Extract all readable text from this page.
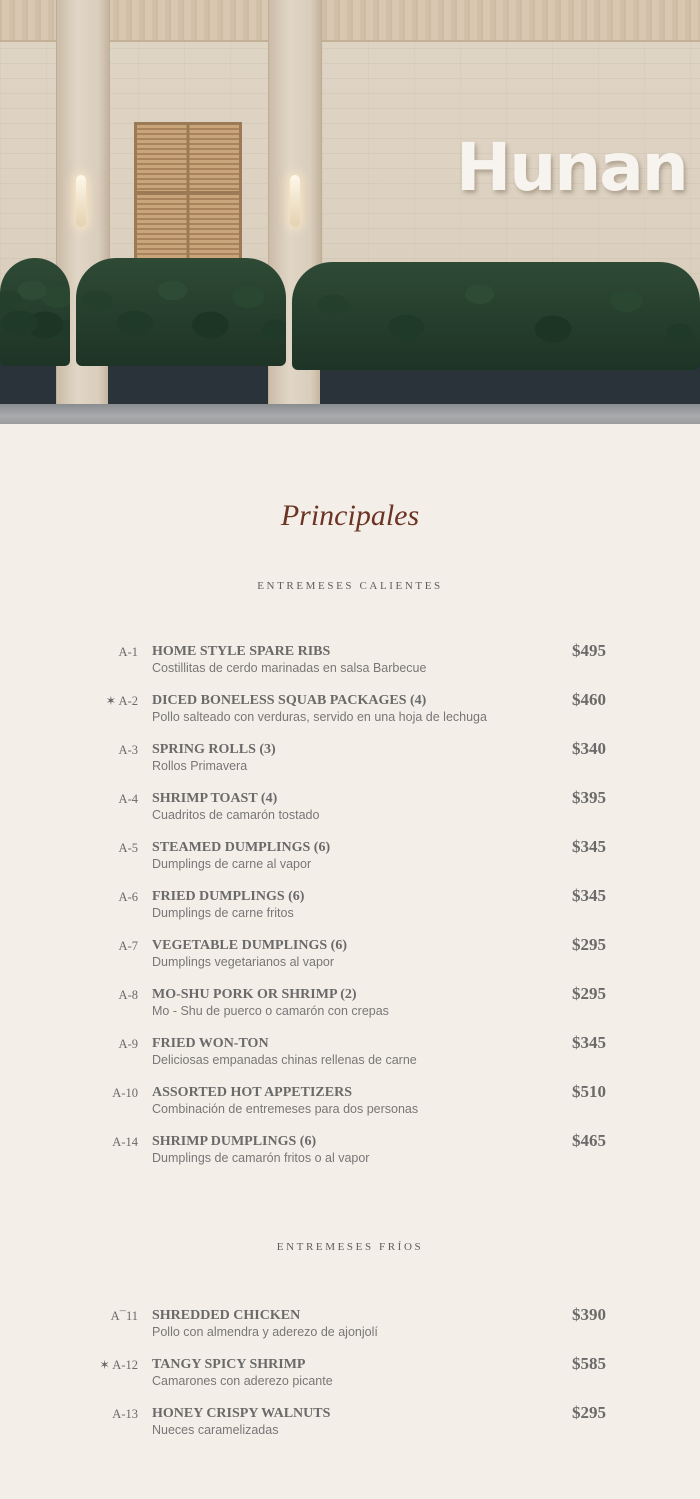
Hunan
Principales
ENTREMESES CALIENTES
A-1 HOME STYLE SPARE RIBS
Costillitas de cerdo marinadas en salsa Barbecue
$495
✶ A-2 DICED BONELESS SQUAB PACKAGES (4)
Pollo salteado con verduras, servido en una hoja de lechuga
$460
A-3 SPRING ROLLS (3)
Rollos Primavera
$340
A-4 SHRIMP TOAST (4)
Cuadritos de camarón tostado
$395
A-5 STEAMED DUMPLINGS (6)
Dumplings de carne al vapor
$345
A-6 FRIED DUMPLINGS (6)
Dumplings de carne fritos
$345
A-7 VEGETABLE DUMPLINGS (6)
Dumplings vegetarianos al vapor
$295
A-8 MO-SHU PORK OR SHRIMP (2)
Mo - Shu de puerco o camarón con crepas
$295
A-9 FRIED WON-TON
Deliciosas empanadas chinas rellenas de carne
$345
A-10 ASSORTED HOT APPETIZERS
Combinación de entremeses para dos personas
$510
A-14 SHRIMP DUMPLINGS (6)
Dumplings de camarón fritos o al vapor
$465
ENTREMESES FRÍOS
A¯11 SHREDDED CHICKEN
Pollo con almendra y aderezo de ajonjolí
$390
✶ A-12 TANGY SPICY SHRIMP
Camarones con aderezo picante
$585
A-13 HONEY CRISPY WALNUTS
Nueces caramelizadas
$295
